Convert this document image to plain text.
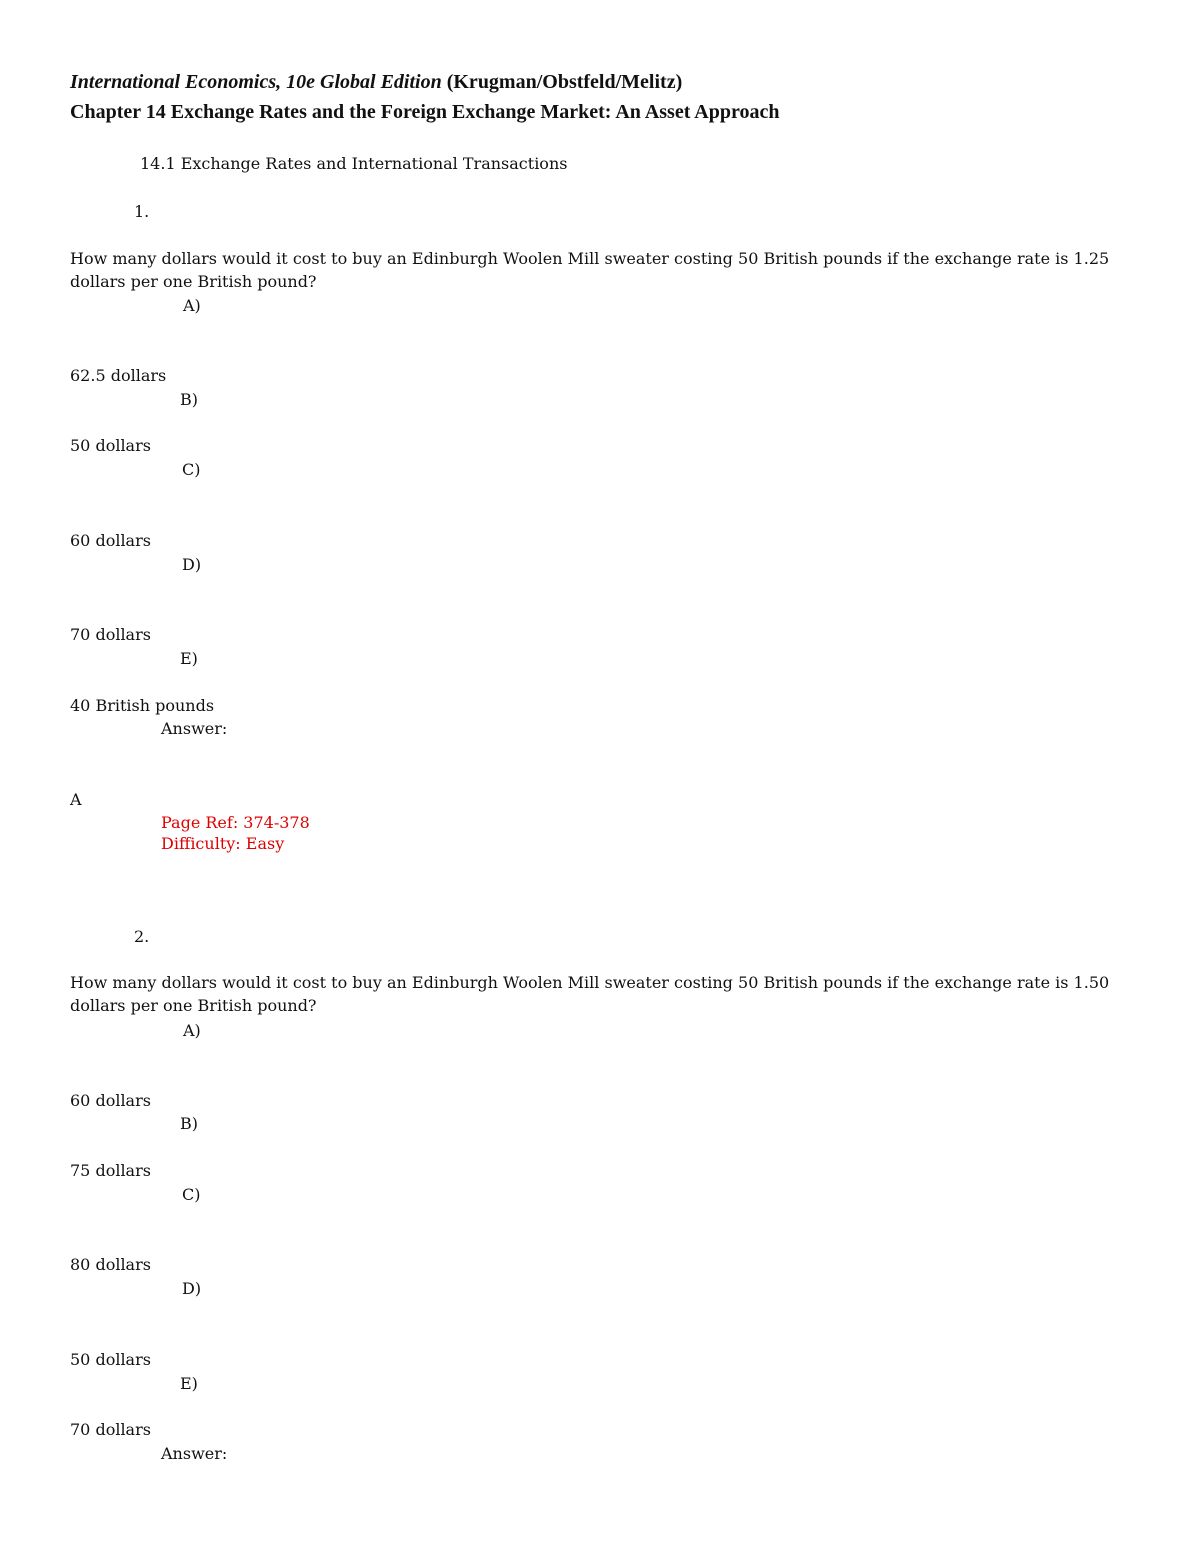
International Economics, 10e Global Edition (Krugman/Obstfeld/Melitz)
Chapter 14 Exchange Rates and the Foreign Exchange Market: An Asset Approach
14.1 Exchange Rates and International Transactions
1.
How many dollars would it cost to buy an Edinburgh Woolen Mill sweater costing 50 British pounds if the exchange rate is 1.25 dollars per one British pound?
A)
62.5 dollars
B)
50 dollars
C)
60 dollars
D)
70 dollars
E)
40 British pounds
Answer:
A
Page Ref: 374-378
Difficulty: Easy
2.
How many dollars would it cost to buy an Edinburgh Woolen Mill sweater costing 50 British pounds if the exchange rate is 1.50 dollars per one British pound?
A)
60 dollars
B)
75 dollars
C)
80 dollars
D)
50 dollars
E)
70 dollars
Answer:
